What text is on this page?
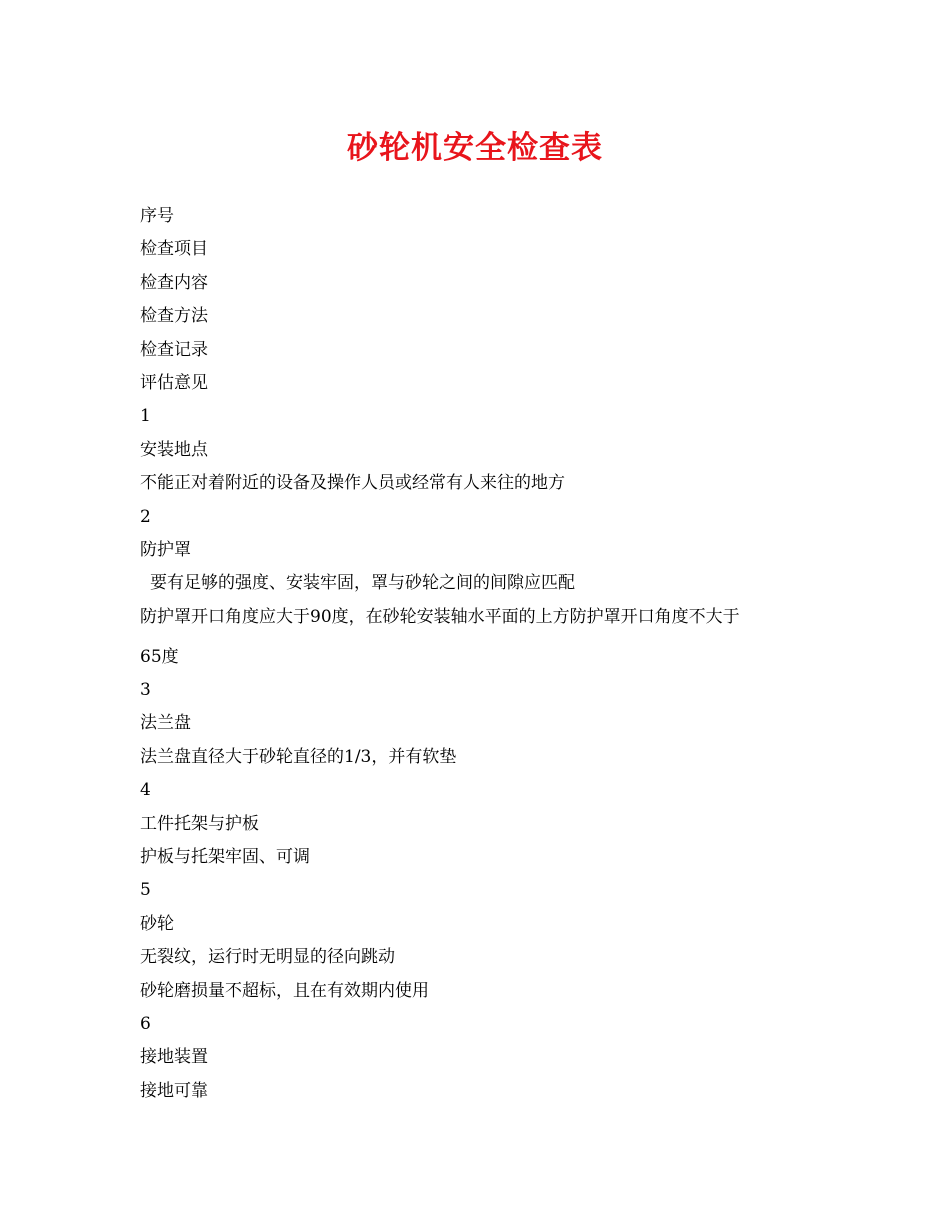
砂轮机安全检查表
序号
检查项目
检查内容
检查方法
检查记录
评估意见
1
安装地点
不能正对着附近的设备及操作人员或经常有人来往的地方
2
防护罩
要有足够的强度、安装牢固，罩与砂轮之间的间隙应匹配
防护罩开口角度应大于90度，在砂轮安装轴水平面的上方防护罩开口角度不大于
65度
3
法兰盘
法兰盘直径大于砂轮直径的1/3，并有软垫
4
工件托架与护板
护板与托架牢固、可调
5
砂轮
无裂纹，运行时无明显的径向跳动
砂轮磨损量不超标，且在有效期内使用
6
接地装置
接地可靠
